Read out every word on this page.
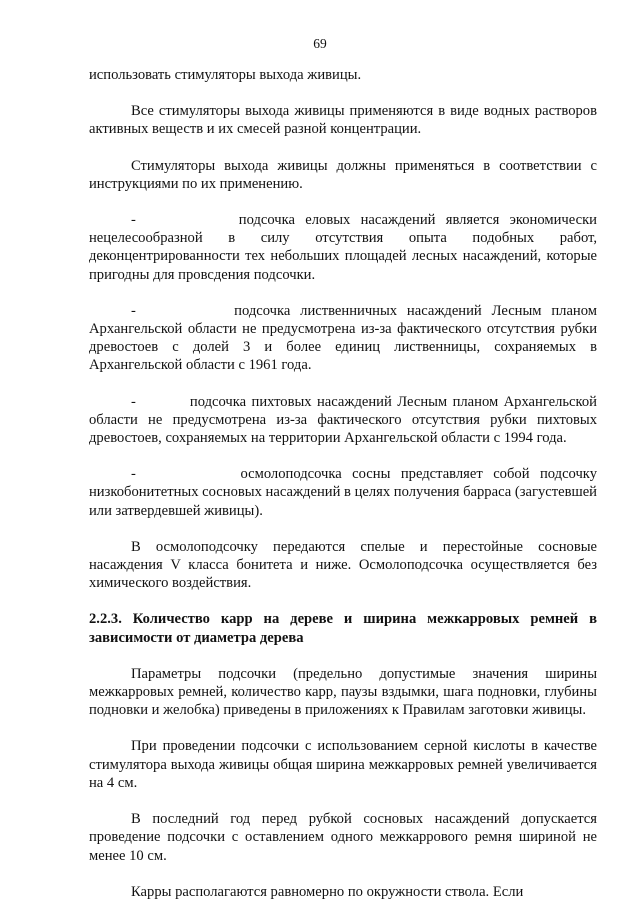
69

использовать стимуляторы выхода живицы.

Все стимуляторы выхода живицы применяются в виде водных растворов активных веществ и их смесей разной концентрации.

Стимуляторы выхода живицы должны применяться в соответствии с инструкциями по их применению.

-          подсочка еловых насаждений является экономически нецелесообразной в силу отсутствия опыта подобных работ, деконцентрированности тех небольших площадей лесных насаждений, которые пригодны для провсдения подсочки.

-          подсочка лиственничных насаждений Лесным планом Архангельской области не предусмотрена из-за фактического отсутствия рубки древостоев с долей 3 и более единиц лиственницы, сохраняемых в Архангельской области с 1961 года.

-          подсочка пихтовых насаждений Лесным планом Архангельской области не предусмотрена из-за фактического отсутствия рубки пихтовых древостоев, сохраняемых на территории Архангельской области с 1994 года.

-          осмолоподсочка сосны представляет собой подсочку низкобонитетных сосновых насаждений в целях получения барраса (загустевшей или затвердевшей живицы).

В осмолоподсочку передаются спелые и перестойные сосновые насаждения V класса бонитета и ниже. Осмолоподсочка осуществляется без химического воздействия.

2.2.3. Количество карр на дереве и ширина межкарровых ремней в зависимости от диаметра дерева

Параметры подсочки (предельно допустимые значения ширины межкарровых ремней, количество карр, паузы вздымки, шага подновки, глубины подновки и желобка) приведены в приложениях к Правилам заготовки живицы.

При проведении подсочки с использованием серной кислоты в качестве стимулятора выхода живицы общая ширина межкарровых ремней увеличивается на 4 см.

В последний год перед рубкой сосновых насаждений допускается проведение подсочки с оставлением одного межкаррового ремня шириной не менее 10 см.

Карры располагаются равномерно по окружности ствола. Если
